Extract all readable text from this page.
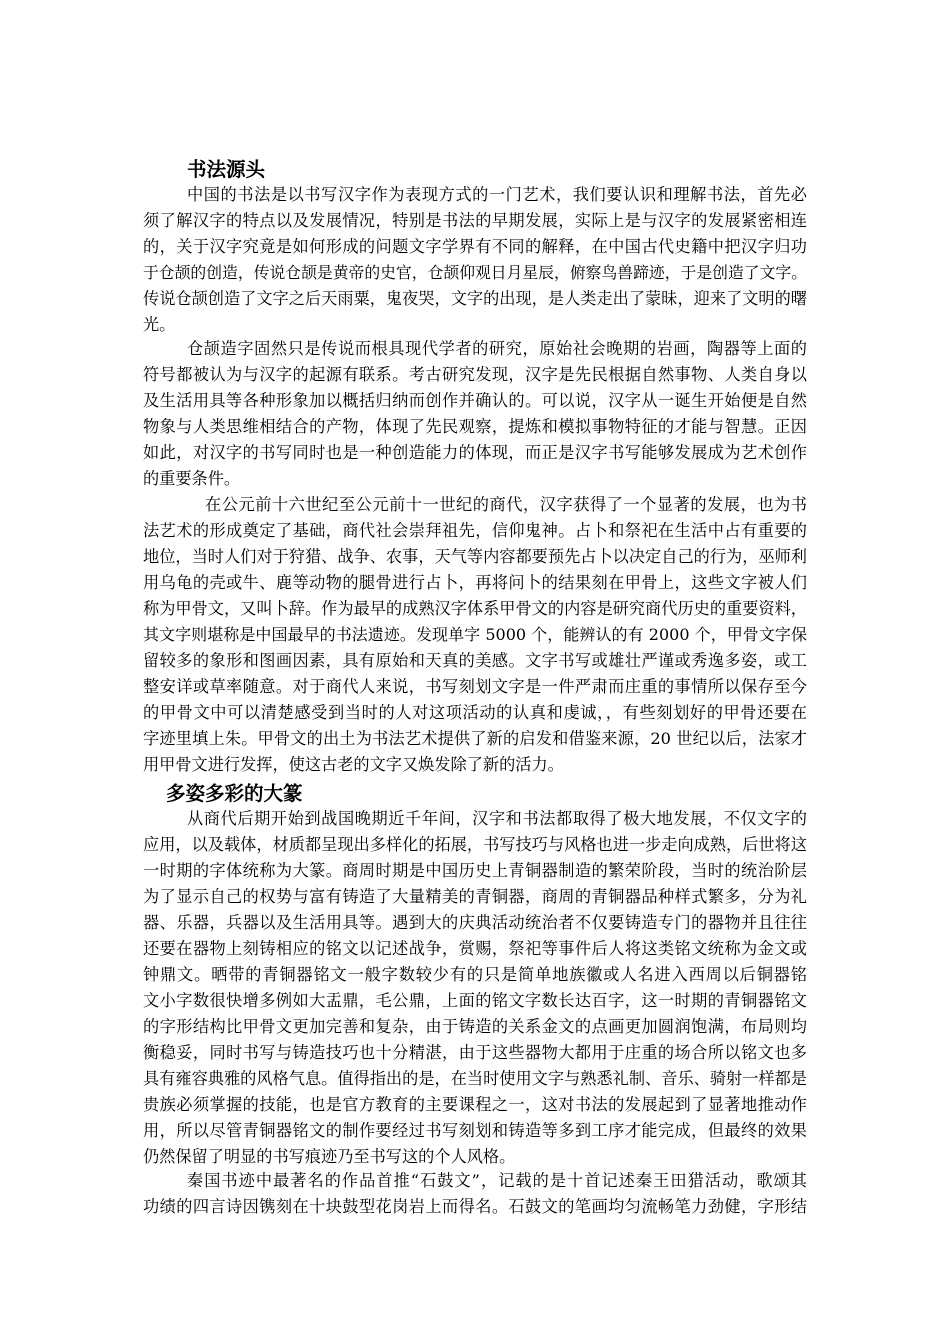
书法源头
中国的书法是以书写汉字作为表现方式的一门艺术，我们要认识和理解书法，首先必
须了解汉字的特点以及发展情况，特别是书法的早期发展，实际上是与汉字的发展紧密相连
的，关于汉字究竟是如何形成的问题文字学界有不同的解释，在中国古代史籍中把汉字归功
于仓颉的创造，传说仓颉是黄帝的史官，仓颉仰观日月星辰，俯察鸟兽蹄迹，于是创造了文字。
传说仓颉创造了文字之后天雨粟，鬼夜哭，文字的出现，是人类走出了蒙昧，迎来了文明的曙
光。
仓颉造字固然只是传说而根具现代学者的研究，原始社会晚期的岩画，陶器等上面的
符号都被认为与汉字的起源有联系。考古研究发现，汉字是先民根据自然事物、人类自身以
及生活用具等各种形象加以概括归纳而创作并确认的。可以说，汉字从一诞生开始便是自然
物象与人类思维相结合的产物，体现了先民观察，提炼和模拟事物特征的才能与智慧。正因
如此，对汉字的书写同时也是一种创造能力的体现，而正是汉字书写能够发展成为艺术创作
的重要条件。
在公元前十六世纪至公元前十一世纪的商代，汉字获得了一个显著的发展，也为书
法艺术的形成奠定了基础，商代社会崇拜祖先，信仰鬼神。占卜和祭祀在生活中占有重要的
地位，当时人们对于狩猎、战争、农事，天气等内容都要预先占卜以决定自己的行为，巫师利
用乌龟的壳或牛、鹿等动物的腿骨进行占卜，再将问卜的结果刻在甲骨上，这些文字被人们
称为甲骨文，又叫卜辞。作为最早的成熟汉字体系甲骨文的内容是研究商代历史的重要资料，
其文字则堪称是中国最早的书法遗迹。发现单字 5000 个，能辨认的有 2000 个，甲骨文字保
留较多的象形和图画因素，具有原始和天真的美感。文字书写或雄壮严谨或秀逸多姿，或工
整安详或草率随意。对于商代人来说，书写刻划文字是一件严肃而庄重的事情所以保存至今
的甲骨文中可以清楚感受到当时的人对这项活动的认真和虔诚，，有些刻划好的甲骨还要在
字迹里填上朱。甲骨文的出土为书法艺术提供了新的启发和借鉴来源，20 世纪以后，法家才
用甲骨文进行发挥，使这古老的文字又焕发除了新的活力。
多姿多彩的大篆
从商代后期开始到战国晚期近千年间，汉字和书法都取得了极大地发展，不仅文字的
应用，以及载体，材质都呈现出多样化的拓展，书写技巧与风格也进一步走向成熟，后世将这
一时期的字体统称为大篆。商周时期是中国历史上青铜器制造的繁荣阶段，当时的统治阶层
为了显示自己的权势与富有铸造了大量精美的青铜器，商周的青铜器品种样式繁多，分为礼
器、乐器，兵器以及生活用具等。遇到大的庆典活动统治者不仅要铸造专门的器物并且往往
还要在器物上刻铸相应的铭文以记述战争，赏赐，祭祀等事件后人将这类铭文统称为金文或
钟鼎文。晒带的青铜器铭文一般字数较少有的只是简单地族徽或人名进入西周以后铜器铭
文小字数很快增多例如大盂鼎，毛公鼎，上面的铭文字数长达百字，这一时期的青铜器铭文
的字形结构比甲骨文更加完善和复杂，由于铸造的关系金文的点画更加圆润饱满，布局则均
衡稳妥，同时书写与铸造技巧也十分精湛，由于这些器物大都用于庄重的场合所以铭文也多
具有雍容典雅的风格气息。值得指出的是，在当时使用文字与熟悉礼制、音乐、骑射一样都是
贵族必须掌握的技能，也是官方教育的主要课程之一，这对书法的发展起到了显著地推动作
用，所以尽管青铜器铭文的制作要经过书写刻划和铸造等多到工序才能完成，但最终的效果
仍然保留了明显的书写痕迹乃至书写这的个人风格。
秦国书迹中最著名的作品首推“石鼓文”，记载的是十首记述秦王田猎活动，歌颂其
功绩的四言诗因镌刻在十块鼓型花岗岩上而得名。石鼓文的笔画均匀流畅笔力劲健，字形结
